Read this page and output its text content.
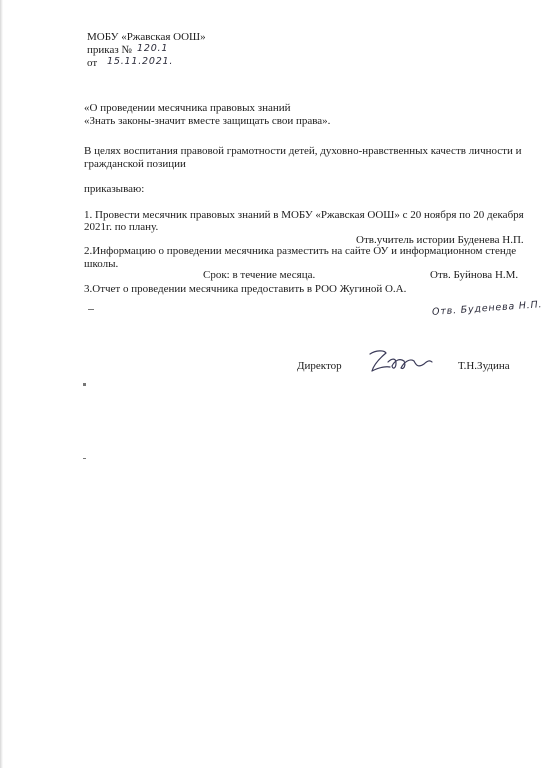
МОБУ «Ржавская ООШ»
приказ № 120.1
от 15.11.2021.
«О проведении месячника правовых знаний
«Знать законы-значит вместе защищать свои права».
В целях воспитания правовой грамотности детей, духовно-нравственных качеств личности и
гражданской позиции
приказываю:
1. Провести месячник правовых знаний в МОБУ «Ржавская ООШ» с 20 ноября по 20 декабря
2021г. по плану.
Отв.учитель истории Буденева Н.П.
2.Информацию о проведении месячника разместить на сайте ОУ и информационном стенде
школы.
Срок: в течение месяца.	Отв. Буйнова Н.М.
3.Отчет о проведении месячника предоставить в РОО Жугиной О.А.
Отв. Буденева Н.П.
Директор	Т.Н.Зудина
